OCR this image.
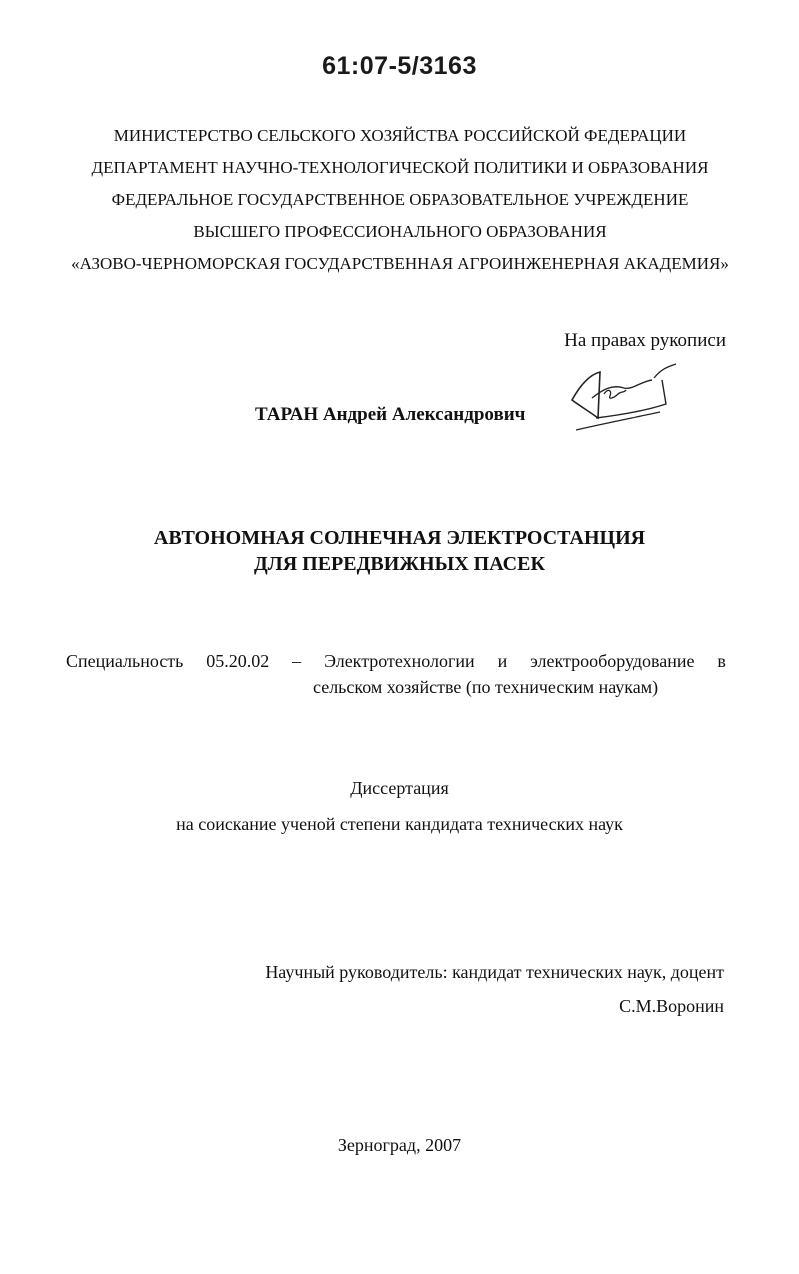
61:07-5/3163
МИНИСТЕРСТВО СЕЛЬСКОГО ХОЗЯЙСТВА РОССИЙСКОЙ ФЕДЕРАЦИИ
ДЕПАРТАМЕНТ НАУЧНО-ТЕХНОЛОГИЧЕСКОЙ ПОЛИТИКИ И ОБРАЗОВАНИЯ
ФЕДЕРАЛЬНОЕ ГОСУДАРСТВЕННОЕ ОБРАЗОВАТЕЛЬНОЕ УЧРЕЖДЕНИЕ
ВЫСШЕГО ПРОФЕССИОНАЛЬНОГО ОБРАЗОВАНИЯ
«АЗОВО-ЧЕРНОМОРСКАЯ ГОСУДАРСТВЕННАЯ АГРОИНЖЕНЕРНАЯ АКАДЕМИЯ»
На правах рукописи
ТАРАН Андрей Александрович
АВТОНОМНАЯ СОЛНЕЧНАЯ ЭЛЕКТРОСТАНЦИЯ
ДЛЯ ПЕРЕДВИЖНЫХ ПАСЕК
Специальность 05.20.02 – Электротехнологии и электрооборудование в
сельском хозяйстве (по техническим наукам)
Диссертация
на соискание ученой степени кандидата технических наук
Научный руководитель: кандидат технических наук, доцент
С.М.Воронин
Зерноград, 2007
